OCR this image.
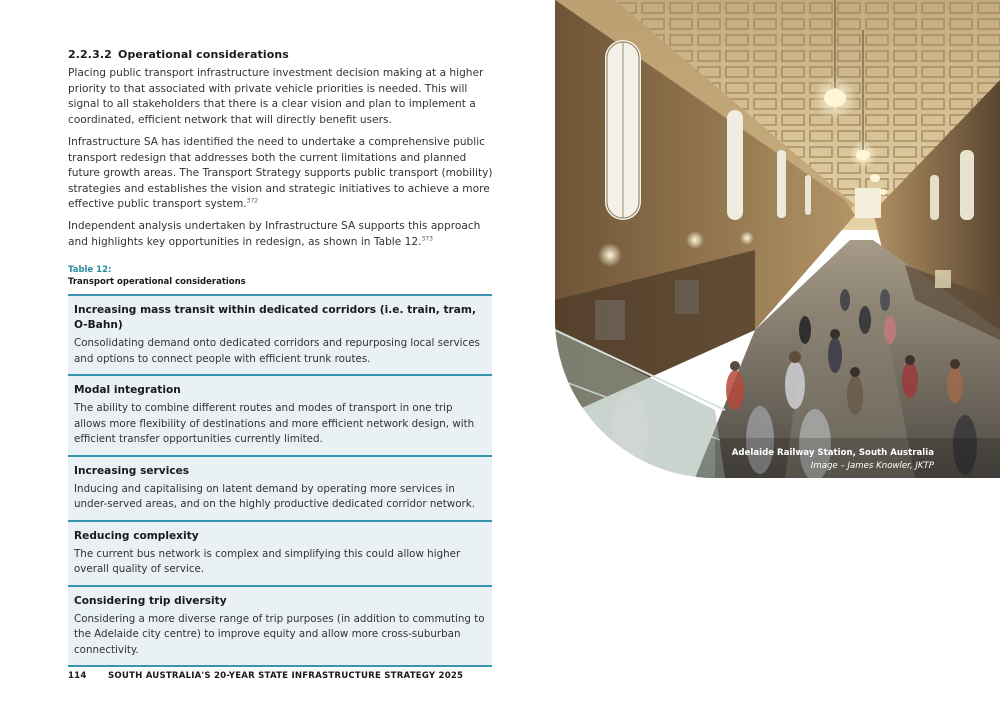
2.2.3.2 Operational considerations

Placing public transport infrastructure investment decision making at a higher priority to that associated with private vehicle priorities is needed. This will signal to all stakeholders that there is a clear vision and plan to implement a coordinated, efficient network that will directly benefit users.

Infrastructure SA has identified the need to undertake a comprehensive public transport redesign that addresses both the current limitations and planned future growth areas. The Transport Strategy supports public transport (mobility) strategies and establishes the vision and strategic initiatives to achieve a more effective public transport system.$^{372}$

Independent analysis undertaken by Infrastructure SA supports this approach and highlights key opportunities in redesign, as shown in Table 12.$^{373}$

Table 12:
Transport operational considerations
Increasing mass transit within dedicated corridors (i.e. train, tram, O-Bahn)
Consolidating demand onto dedicated corridors and repurposing local services and options to connect people with efficient trunk routes.
Modal integration
The ability to combine different routes and modes of transport in one trip allows more flexibility of destinations and more efficient network design, with efficient transfer opportunities currently limited.
Increasing services
Inducing and capitalising on latent demand by operating more services in under-served areas, and on the highly productive dedicated corridor network.
Reducing complexity
The current bus network is complex and simplifying this could allow higher overall quality of service.
Considering trip diversity
Considering a more diverse range of trip purposes (in addition to commuting to the Adelaide city centre) to improve equity and allow more cross-suburban connectivity.
114 SOUTH AUSTRALIA'S 20-YEAR STATE INFRASTRUCTURE STRATEGY 2025
Adelaide Railway Station, South Australia
Image – James Knowler, JKTP
